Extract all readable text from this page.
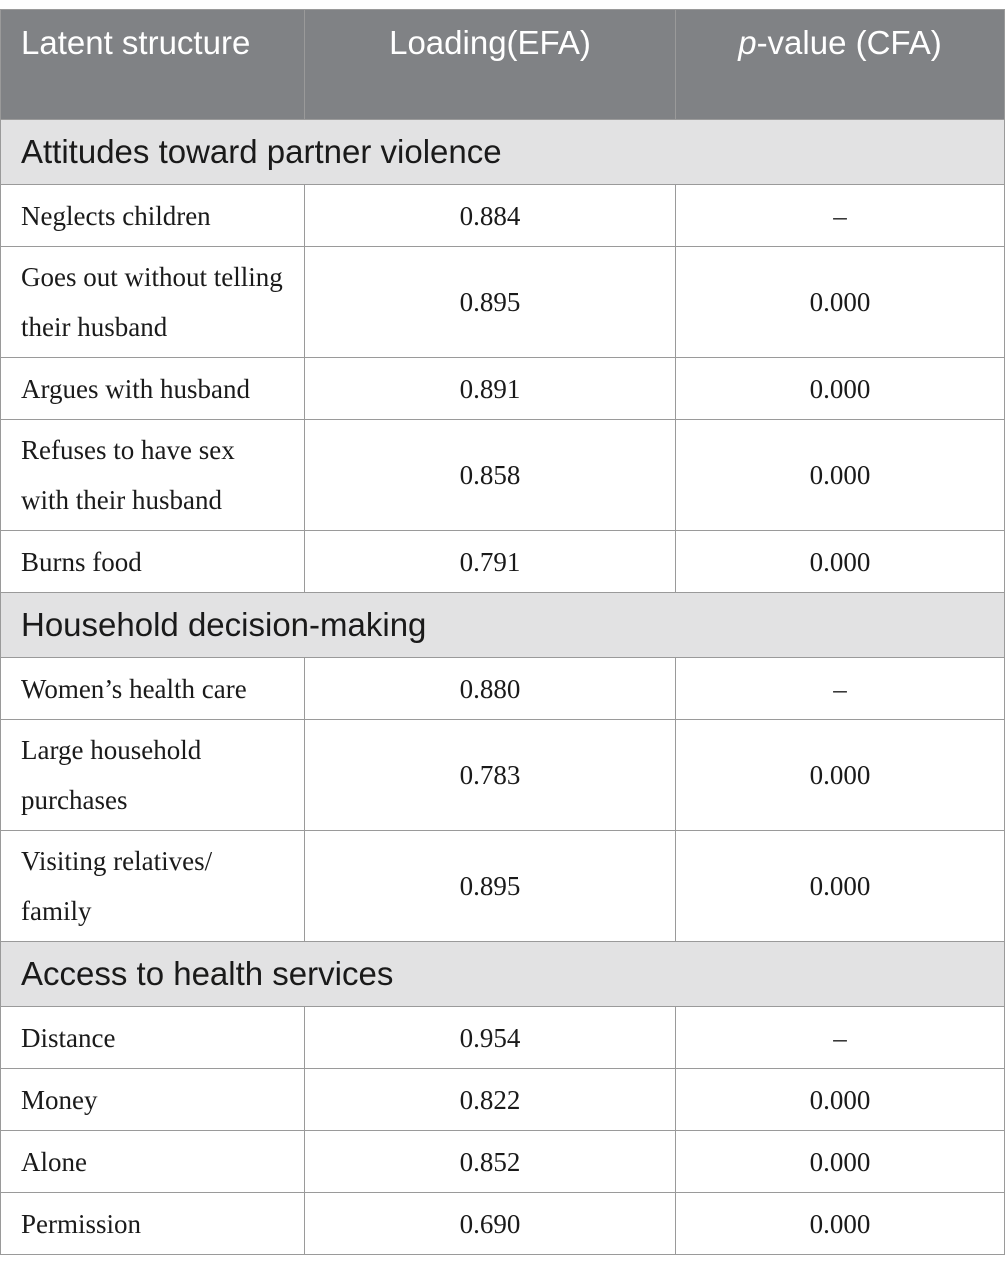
Latent structure	Loading(EFA)	p-value (CFA)
Attitudes toward partner violence		
Neglects children	0.884	–
Goes out without telling their husband	0.895	0.000
Argues with husband	0.891	0.000
Refuses to have sex with their husband	0.858	0.000
Burns food	0.791	0.000
Household decision-making		
Women’s health care	0.880	–
Large household purchases	0.783	0.000
Visiting relatives/ family	0.895	0.000
Access to health services		
Distance	0.954	–
Money	0.822	0.000
Alone	0.852	0.000
Permission	0.690	0.000
